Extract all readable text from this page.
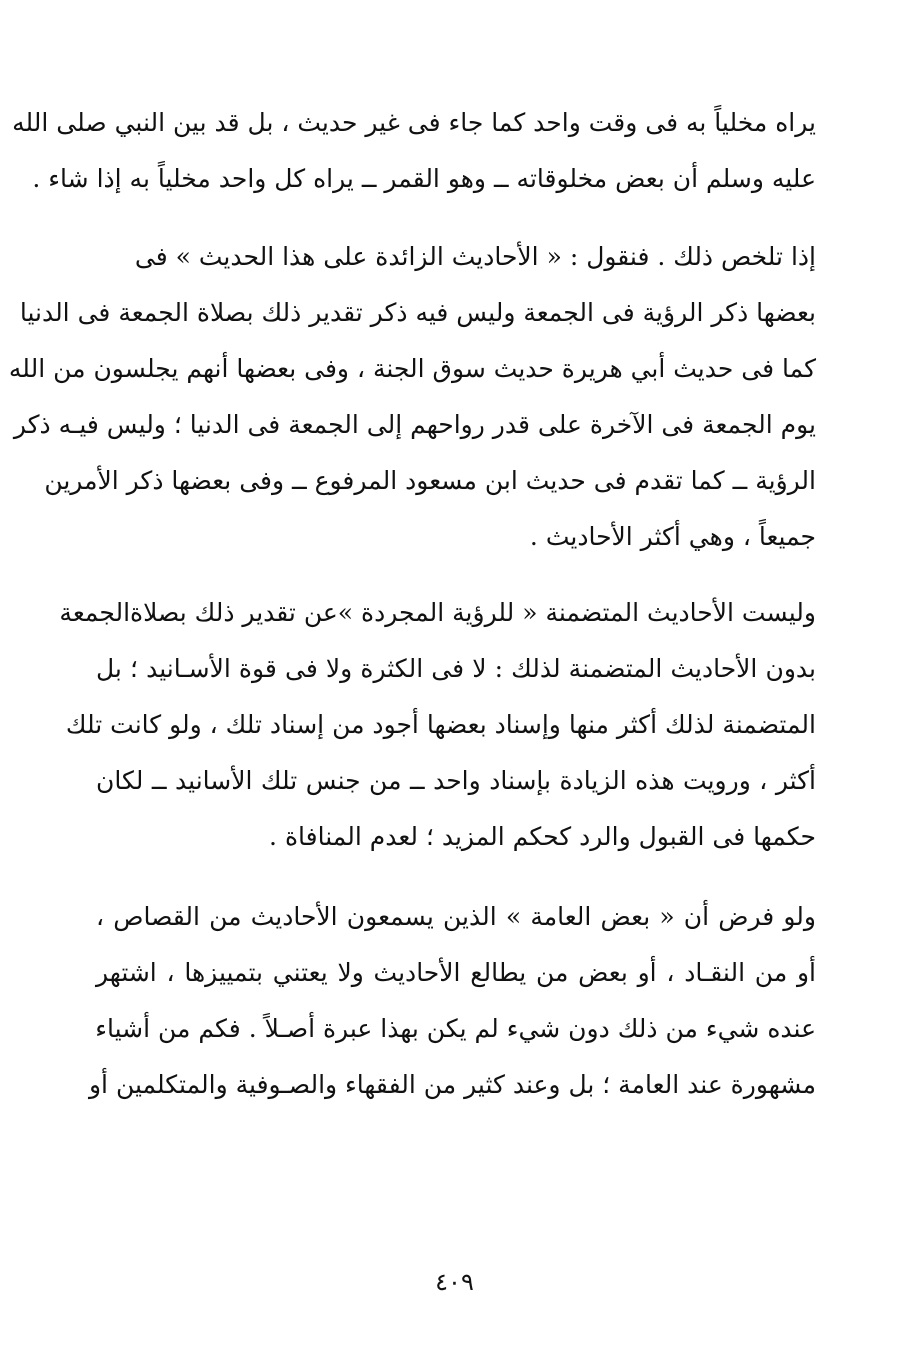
يراه مخلياً به فى وقت واحد كما جاء فى غير حديث ، بل قد بين النبي صلى الله
عليه وسلم أن بعض مخلوقاته ــ وهو القمر ــ يراه كل واحد مخلياً به إذا شاء .
إذا تلخص ذلك . فنقول : « الأحاديث الزائدة على هذا الحديث » فى
بعضها ذكر الرؤية فى الجمعة وليس فيه ذكر تقدير ذلك بصلاة الجمعة فى الدنيا
كما فى حديث أبي هريرة حديث سوق الجنة ، وفى بعضها أنهم يجلسون من الله
يوم الجمعة فى الآخرة على قدر رواحهم إلى الجمعة فى الدنيا ؛ وليس فيـه ذكر
الرؤية ــ كما تقدم فى حديث ابن مسعود المرفوع ــ وفى بعضها ذكر الأمرين
جميعاً ، وهي أكثر الأحاديث .
وليست الأحاديث المتضمنة « للرؤية المجردة »عن تقدير ذلك بصلاةالجمعة
بدون الأحاديث المتضمنة لذلك : لا فى الكثرة ولا فى قوة الأسـانيد ؛ بل
المتضمنة لذلك أكثر منها وإسناد بعضها أجود من إسناد تلك ، ولو كانت تلك
أكثر ، ورويت هذه الزيادة بإسناد واحد ــ من جنس تلك الأسانيد ــ لكان
حكمها فى القبول والرد كحكم المزيد ؛ لعدم المنافاة .
ولو فرض أن « بعض العامة » الذين يسمعون الأحاديث من القصاص ،
أو من النقـاد ، أو بعض من يطالع الأحاديث ولا يعتني بتمييزها ، اشتهر
عنده شيء من ذلك دون شيء لم يكن بهذا عبرة أصـلاً . فكم من أشياء
مشهورة عند العامة ؛ بل وعند كثير من الفقهاء والصـوفية والمتكلمين أو
٤٠٩
